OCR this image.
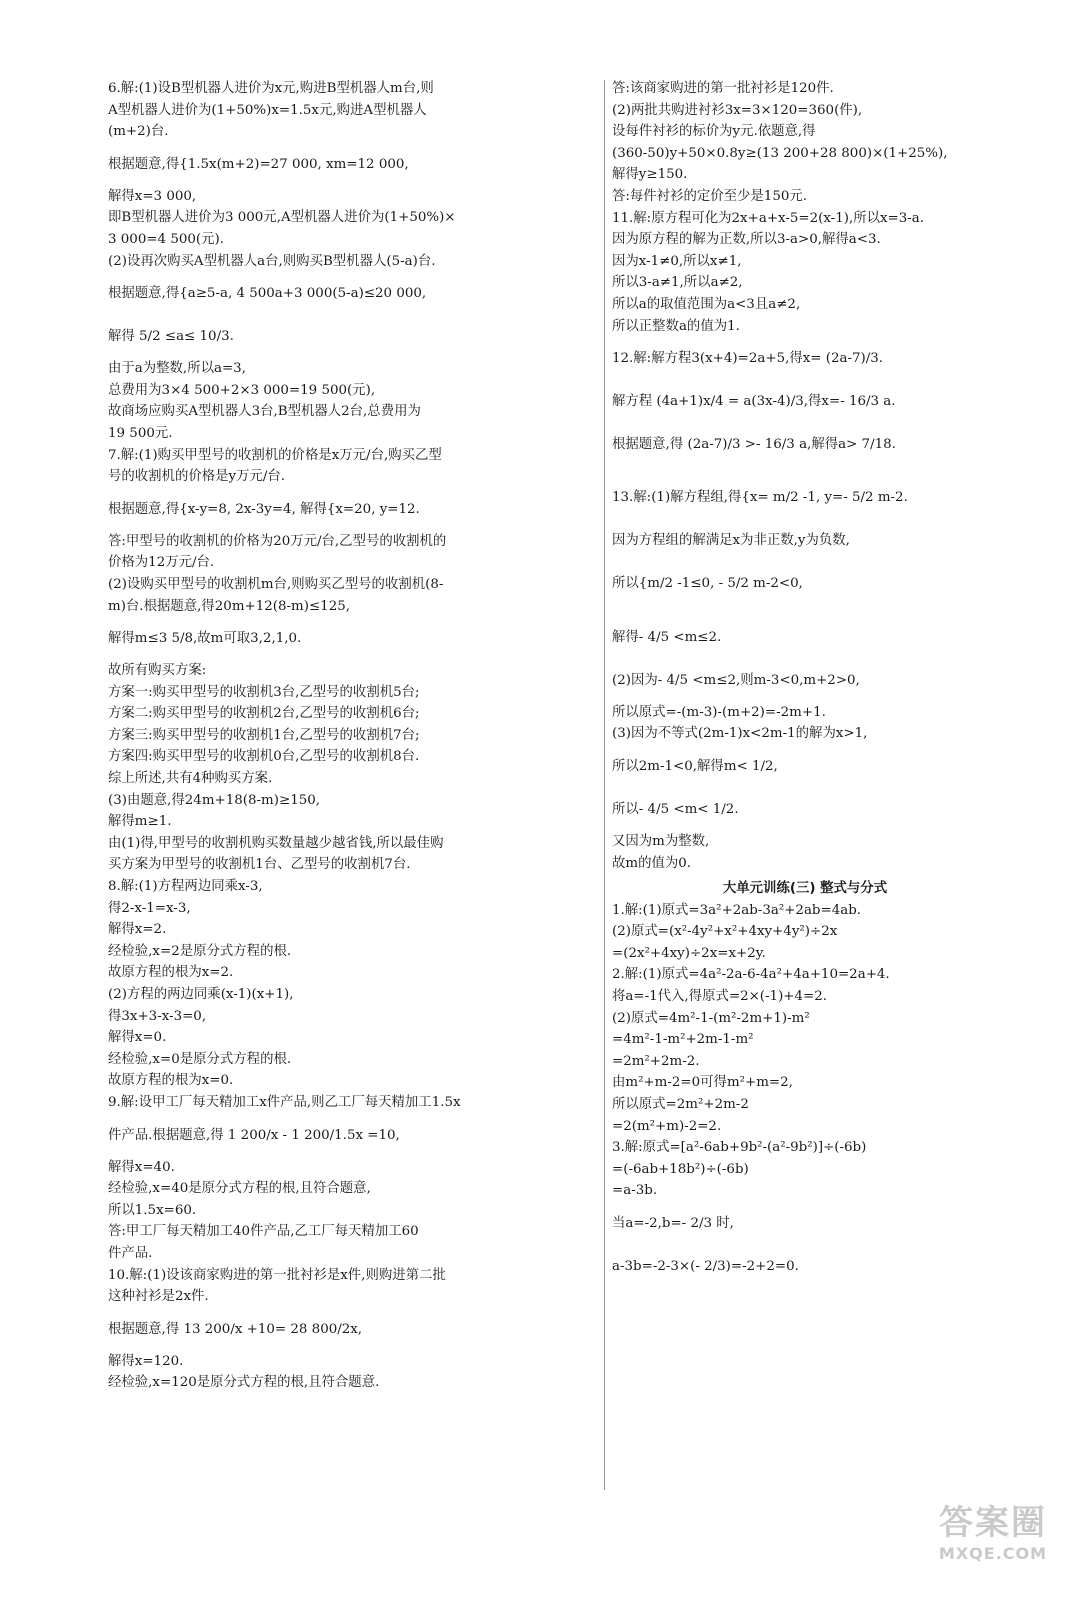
6.解:(1)设B型机器人进价为x元,购进B型机器人m台,则

A型机器人进价为(1+50%)x=1.5x元,购进A型机器人

(m+2)台.

根据题意,得{1.5x(m+2)=27 000, xm=12 000,

解得x=3 000,

即B型机器人进价为3 000元,A型机器人进价为(1+50%)×

3 000=4 500(元).

(2)设再次购买A型机器人a台,则购买B型机器人(5-a)台.

根据题意,得{a≥5-a, 4 500a+3 000(5-a)≤20 000,

解得 5/2 ≤a≤ 10/3.

由于a为整数,所以a=3,

总费用为3×4 500+2×3 000=19 500(元),

故商场应购买A型机器人3台,B型机器人2台,总费用为

19 500元.

7.解:(1)购买甲型号的收割机的价格是x万元/台,购买乙型

号的收割机的价格是y万元/台.

根据题意,得{x-y=8, 2x-3y=4, 解得{x=20, y=12.

答:甲型号的收割机的价格为20万元/台,乙型号的收割机的

价格为12万元/台.

(2)设购买甲型号的收割机m台,则购买乙型号的收割机(8-

m)台.根据题意,得20m+12(8-m)≤125,

解得m≤3 5/8,故m可取3,2,1,0.

故所有购买方案:

方案一:购买甲型号的收割机3台,乙型号的收割机5台;

方案二:购买甲型号的收割机2台,乙型号的收割机6台;

方案三:购买甲型号的收割机1台,乙型号的收割机7台;

方案四:购买甲型号的收割机0台,乙型号的收割机8台.

综上所述,共有4种购买方案.

(3)由题意,得24m+18(8-m)≥150,

解得m≥1.

由(1)得,甲型号的收割机购买数量越少越省钱,所以最佳购

买方案为甲型号的收割机1台、乙型号的收割机7台.

8.解:(1)方程两边同乘x-3,

得2-x-1=x-3,

解得x=2.

经检验,x=2是原分式方程的根.

故原方程的根为x=2.

(2)方程的两边同乘(x-1)(x+1),

得3x+3-x-3=0,

解得x=0.

经检验,x=0是原分式方程的根.

故原方程的根为x=0.

9.解:设甲工厂每天精加工x件产品,则乙工厂每天精加工1.5x

件产品.根据题意,得 1 200/x - 1 200/1.5x =10,

解得x=40.

经检验,x=40是原分式方程的根,且符合题意,

所以1.5x=60.

答:甲工厂每天精加工40件产品,乙工厂每天精加工60

件产品.

10.解:(1)设该商家购进的第一批衬衫是x件,则购进第二批

这种衬衫是2x件.

根据题意,得 13 200/x +10= 28 800/2x,

解得x=120.

经检验,x=120是原分式方程的根,且符合题意.

答:该商家购进的第一批衬衫是120件.

(2)两批共购进衬衫3x=3×120=360(件),

设每件衬衫的标价为y元.依题意,得

(360-50)y+50×0.8y≥(13 200+28 800)×(1+25%),

解得y≥150.

答:每件衬衫的定价至少是150元.

11.解:原方程可化为2x+a+x-5=2(x-1),所以x=3-a.

因为原方程的解为正数,所以3-a>0,解得a<3.

因为x-1≠0,所以x≠1,

所以3-a≠1,所以a≠2,

所以a的取值范围为a<3且a≠2,

所以正整数a的值为1.

12.解:解方程3(x+4)=2a+5,得x= (2a-7)/3.

解方程 (4a+1)x/4 = a(3x-4)/3,得x=- 16/3 a.

根据题意,得 (2a-7)/3 >- 16/3 a,解得a> 7/18.

13.解:(1)解方程组,得{x= m/2 -1, y=- 5/2 m-2.

因为方程组的解满足x为非正数,y为负数,

所以{m/2 -1≤0, - 5/2 m-2<0,

解得- 4/5 <m≤2.

(2)因为- 4/5 <m≤2,则m-3<0,m+2>0,

所以原式=-(m-3)-(m+2)=-2m+1.

(3)因为不等式(2m-1)x<2m-1的解为x>1,

所以2m-1<0,解得m< 1/2,

所以- 4/5 <m< 1/2.

又因为m为整数,

故m的值为0.

大单元训练(三) 整式与分式

1.解:(1)原式=3a²+2ab-3a²+2ab=4ab.

(2)原式=(x²-4y²+x²+4xy+4y²)÷2x

=(2x²+4xy)÷2x=x+2y.

2.解:(1)原式=4a²-2a-6-4a²+4a+10=2a+4.

将a=-1代入,得原式=2×(-1)+4=2.

(2)原式=4m²-1-(m²-2m+1)-m²

=4m²-1-m²+2m-1-m²

=2m²+2m-2.

由m²+m-2=0可得m²+m=2,

所以原式=2m²+2m-2

=2(m²+m)-2=2.

3.解:原式=[a²-6ab+9b²-(a²-9b²)]÷(-6b)

=(-6ab+18b²)÷(-6b)

=a-3b.

当a=-2,b=- 2/3 时,

a-3b=-2-3×(- 2/3)=-2+2=0.

答案圈
MXQE.COM
